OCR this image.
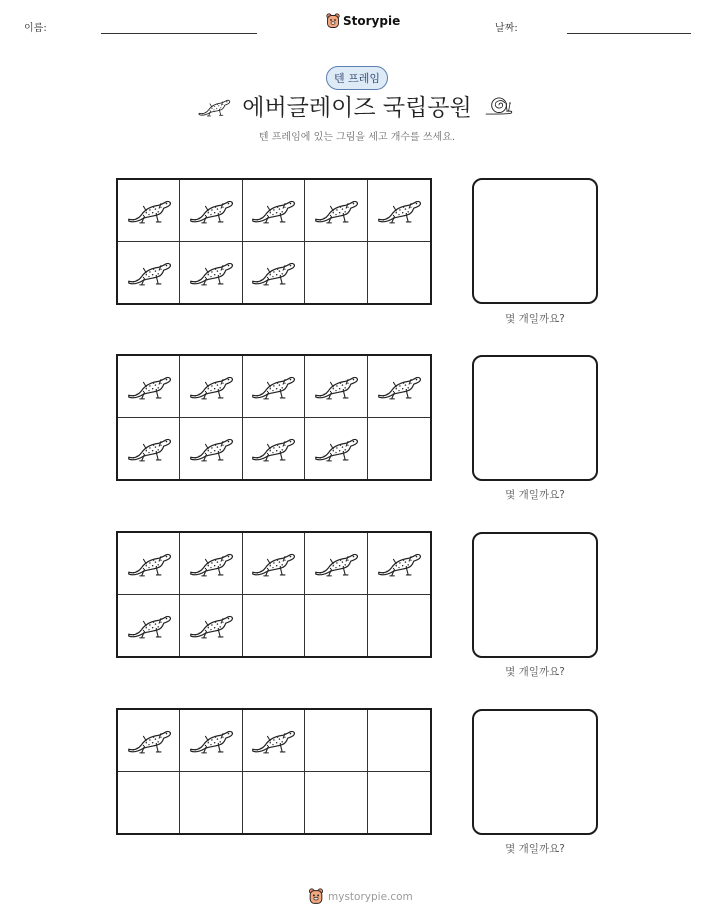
이름:
Storypie
날짜:
텐 프레임
에버글레이즈 국립공원
텐 프레임에 있는 그림을 세고 개수를 쓰세요.
몇 개일까요?
몇 개일까요?
몇 개일까요?
몇 개일까요?
mystorypie.com
